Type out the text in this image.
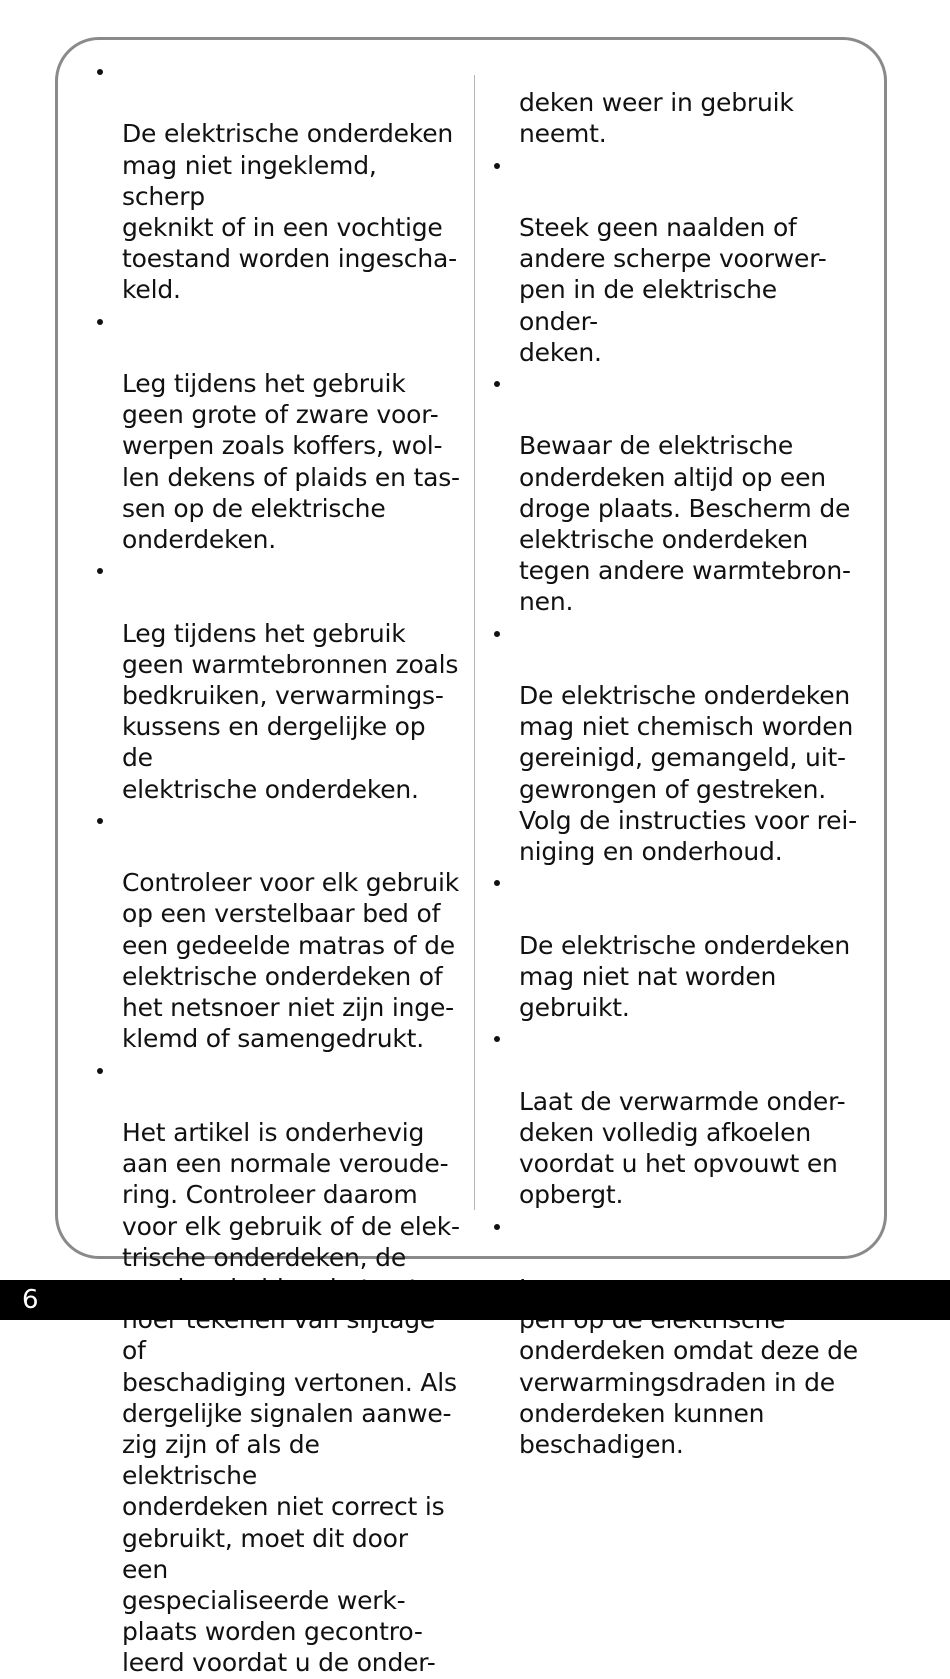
De elektrische onderdeken
mag niet ingeklemd, scherp
geknikt of in een vochtige
toestand worden ingescha-
keld.

Leg tijdens het gebruik
geen grote of zware voor-
werpen zoals koffers, wol-
len dekens of plaids en tas-
sen op de elektrische
onderdeken.

Leg tijdens het gebruik
geen warmtebronnen zoals
bedkruiken, verwarmings-
kussens en dergelijke op de
elektrische onderdeken.

Controleer voor elk gebruik
op een verstelbaar bed of
een gedeelde matras of de
elektrische onderdeken of
het netsnoer niet zijn inge-
klemd of samengedrukt.

Het artikel is onderhevig
aan een normale veroude-
ring. Controleer daarom
voor elk gebruik of de elek-
trische onderdeken, de

of
beschadiging vertonen. Als
dergelijke signalen aanwe-
zig zijn of als de elektrische
onderdeken niet correct is
gebruikt, moet dit door een
gespecialiseerde werk-
plaats worden gecontro-
leerd voordat u de onder-

deken weer in gebruik
neemt.

Steek geen naalden of
andere scherpe voorwer-
pen in de elektrische onder-
deken.

Bewaar de elektrische
onderdeken altijd op een
droge plaats. Bescherm de
elektrische onderdeken
tegen andere warmtebron-
nen.

De elektrische onderdeken
mag niet chemisch worden
gereinigd, gemangeld, uit-
gewrongen of gestreken.
Volg de instructies voor rei-
niging en onderhoud.

De elektrische onderdeken
mag niet nat worden
gebruikt.

Laat de verwarmde onder-
deken volledig afkoelen
voordat u het opvouwt en
opbergt.

onderdeken omdat deze de
verwarmingsdraden in de
onderdeken kunnen
beschadigen.

6
